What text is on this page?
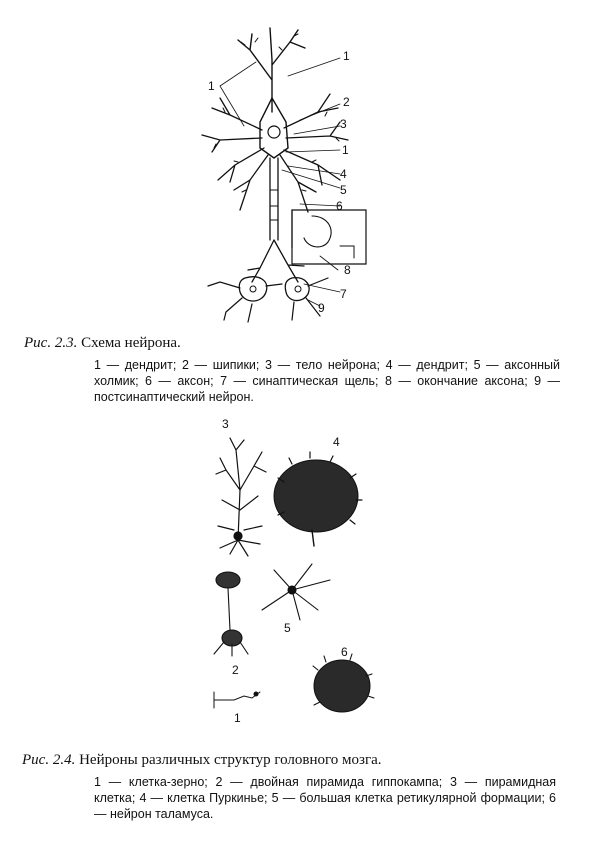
1
1
2
3
1
4
5
6
8
7
9
Рис. 2.3. Схема нейрона.
1 — дендрит; 2 — шипики; 3 — тело нейрона; 4 — дендрит; 5 — аксонный холмик; 6 — аксон; 7 — синаптическая щель; 8 — окончание аксона; 9 — постсинаптический нейрон.
3
4
5
2
6
1
Рис. 2.4. Нейроны различных структур головного мозга.
1 — клетка-зерно; 2 — двойная пирамида гиппокампа; 3 — пирамидная клетка; 4 — клетка Пуркинье; 5 — большая клетка ретикулярной формации; 6 — нейрон таламуса.
